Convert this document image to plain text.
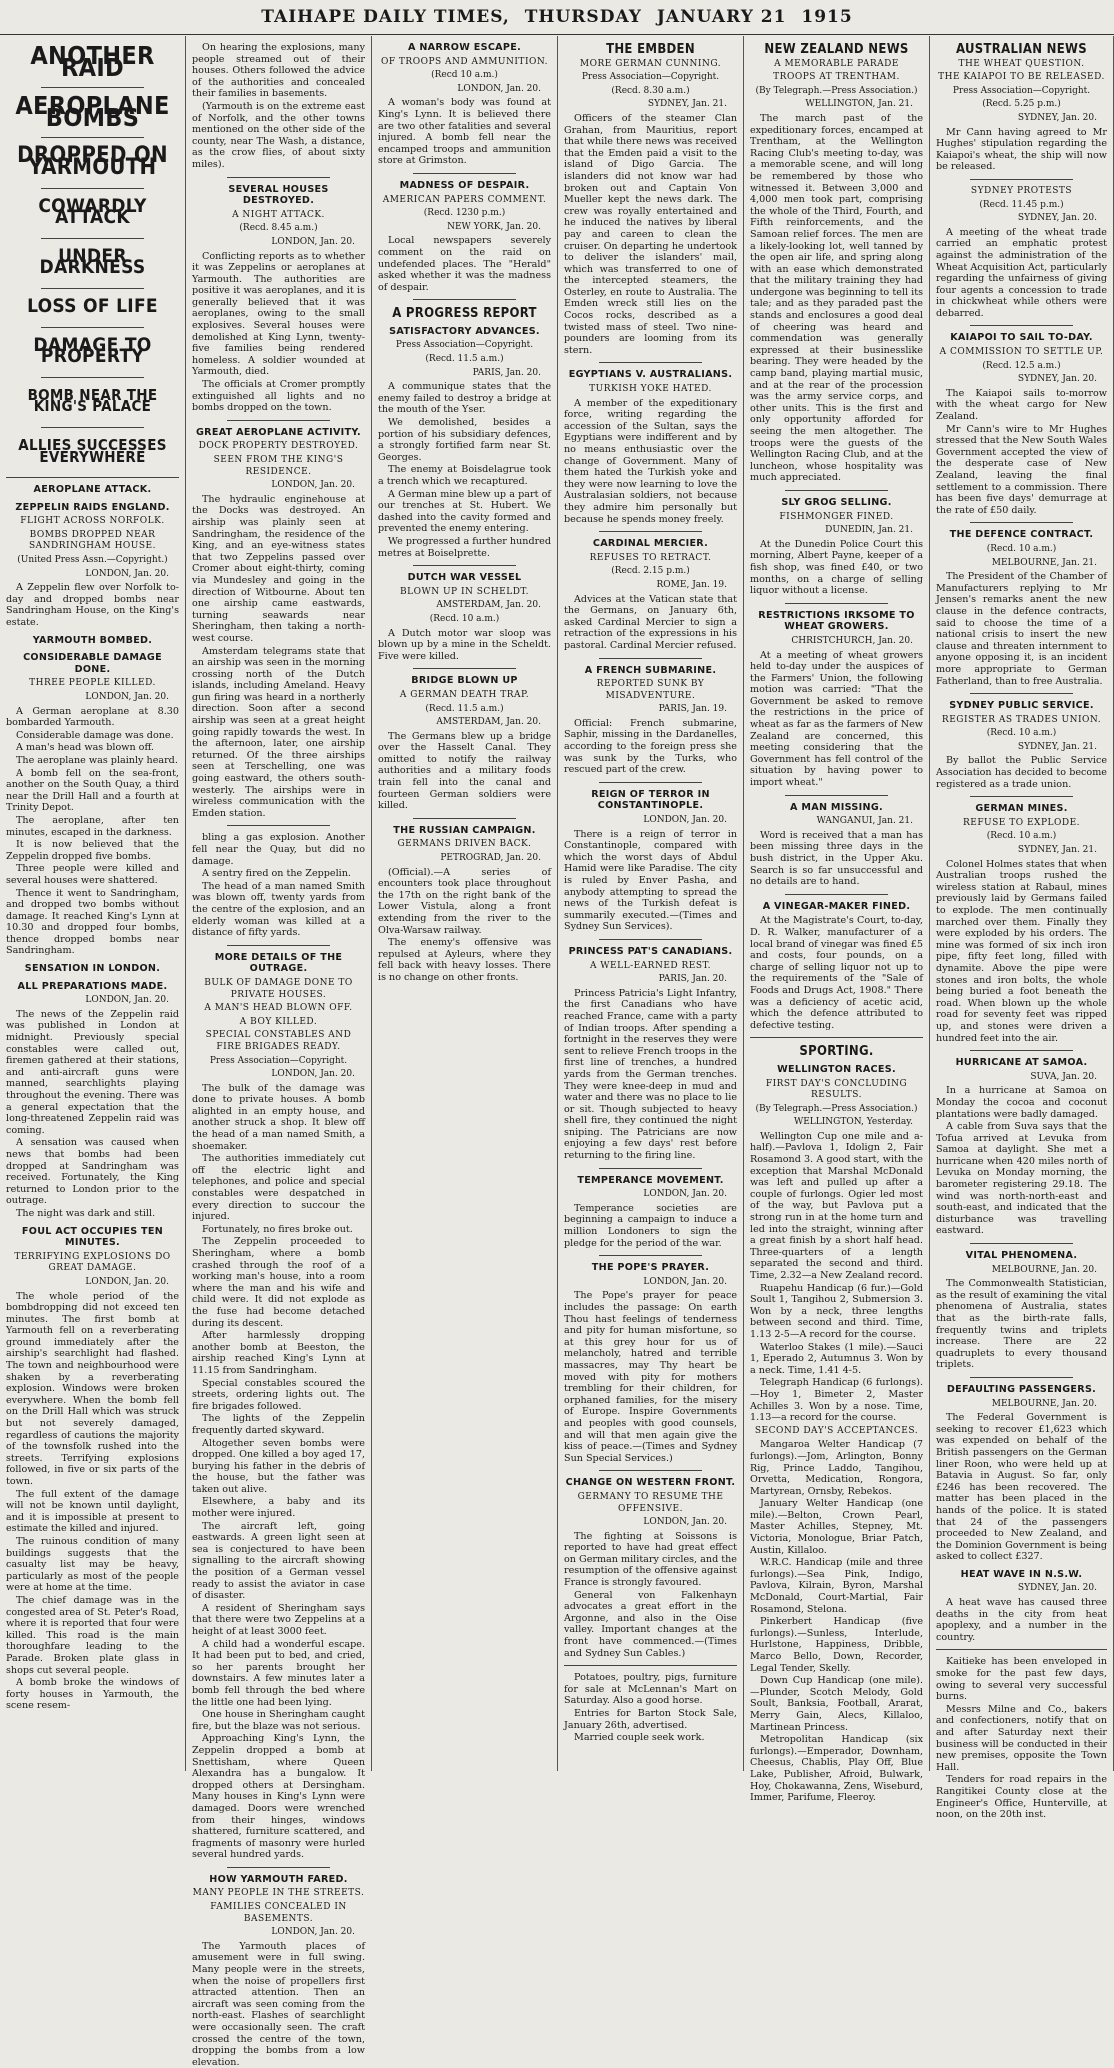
TAIHAPE DAILY TIMES, THURSDAY JANUARY 21 1915
ANOTHER RAID
AEROPLANE BOMBS
DROPPED ON YARMOUTH
COWARDLY ATTACK
UNDER DARKNESS
LOSS OF LIFE
DAMAGE TO PROPERTY
BOMB NEAR THE KING'S PALACE
ALLIES SUCCESSES EVERYWHERE
AEROPLANE ATTACK.
ZEPPELIN RAIDS ENGLAND.
FLIGHT ACROSS NORFOLK.
BOMBS DROPPED NEAR SANDRINGHAM HOUSE.
(United Press Assn.—Copyright.)
LONDON, Jan. 20.
A Zeppelin flew over Norfolk to-day and dropped bombs near Sandringham House, on the King's estate.
YARMOUTH BOMBED.
CONSIDERABLE DAMAGE DONE.
THREE PEOPLE KILLED.
LONDON, Jan. 20.
A German aeroplane at 8.30 bombarded Yarmouth.
Considerable damage was done.
A man's head was blown off.
The aeroplane was plainly heard.
A bomb fell on the sea-front, another on the South Quay, a third near the Drill Hall and a fourth at Trinity Depot.
The aeroplane, after ten minutes, escaped in the darkness.
It is now believed that the Zeppelin dropped five bombs.
Three people were killed and several houses were shattered.
Thence it went to Sandringham, and dropped two bombs without damage. It reached King's Lynn at 10.30 and dropped four bombs, thence dropped bombs near Sandringham.
SENSATION IN LONDON.
ALL PREPARATIONS MADE.
LONDON, Jan. 20.
The news of the Zeppelin raid was published in London at midnight. Previously special constables were called out, firemen gathered at their stations, and anti-aircraft guns were manned, searchlights playing throughout the evening. There was a general expectation that the long-threatened Zeppelin raid was coming.
A sensation was caused when news that bombs had been dropped at Sandringham was received. Fortunately, the King returned to London prior to the outrage.
The night was dark and still.
FOUL ACT OCCUPIES TEN MINUTES.
TERRIFYING EXPLOSIONS DO GREAT DAMAGE.
LONDON, Jan. 20.
The whole period of the bombdropping did not exceed ten minutes. The first bomb at Yarmouth fell on a reverberating ground immediately after the airship's searchlight had flashed. The town and neighbourhood were shaken by a reverberating explosion. Windows were broken everywhere. When the bomb fell on the Drill Hall which was struck but not severely damaged, regardless of cautions the majority of the townsfolk rushed into the streets. Terrifying explosions followed, in five or six parts of the town.
The full extent of the damage will not be known until daylight, and it is impossible at present to estimate the killed and injured.
The ruinous condition of many buildings suggests that the casualty list may be heavy, particularly as most of the people were at home at the time.
The chief damage was in the congested area of St. Peter's Road, where it is reported that four were killed. This road is the main thoroughfare leading to the Parade. Broken plate glass in shops cut several people.
A bomb broke the windows of forty houses in Yarmouth, the scene resem-
On hearing the explosions, many people streamed out of their houses. Others followed the advice of the authorities and concealed their families in basements.
(Yarmouth is on the extreme east of Norfolk, and the other towns mentioned on the other side of the county, near The Wash, a distance, as the crow flies, of about sixty miles).
SEVERAL HOUSES DESTROYED.
A NIGHT ATTACK.
(Recd. 8.45 a.m.)
LONDON, Jan. 20.
Conflicting reports as to whether it was Zeppelins or aeroplanes at Yarmouth. The authorities are positive it was aeroplanes, and it is generally believed that it was aeroplanes, owing to the small explosives. Several houses were demolished at King Lynn, twenty-five families being rendered homeless. A soldier wounded at Yarmouth, died.
The officials at Cromer promptly extinguished all lights and no bombs dropped on the town.
GREAT AEROPLANE ACTIVITY.
DOCK PROPERTY DESTROYED.
SEEN FROM THE KING'S RESIDENCE.
LONDON, Jan. 20.
The hydraulic enginehouse at the Docks was destroyed. An airship was plainly seen at Sandringham, the residence of the King, and an eye-witness states that two Zeppelins passed over Cromer about eight-thirty, coming via Mundesley and going in the direction of Witbourne. About ten one airship came eastwards, turning seawards near Sheringham, then taking a north-west course.
Amsterdam telegrams state that an airship was seen in the morning crossing north of the Dutch islands, including Ameland. Heavy gun firing was heard in a northerly direction. Soon after a second airship was seen at a great height going rapidly towards the west. In the afternoon, later, one airship returned. Of the three airships seen at Terschelling, one was going eastward, the others south-westerly. The airships were in wireless communication with the Emden station.
bling a gas explosion. Another fell near the Quay, but did no damage.
A sentry fired on the Zeppelin.
The head of a man named Smith was blown off, twenty yards from the centre of the explosion, and an elderly woman was killed at a distance of fifty yards.
MORE DETAILS OF THE OUTRAGE.
BULK OF DAMAGE DONE TO PRIVATE HOUSES.
A MAN'S HEAD BLOWN OFF.
A BOY KILLED.
SPECIAL CONSTABLES AND FIRE BRIGADES READY.
Press Association—Copyright.
LONDON, Jan. 20.
The bulk of the damage was done to private houses. A bomb alighted in an empty house, and another struck a shop. It blew off the head of a man named Smith, a shoemaker.
The authorities immediately cut off the electric light and telephones, and police and special constables were despatched in every direction to succour the injured.
Fortunately, no fires broke out.
The Zeppelin proceeded to Sheringham, where a bomb crashed through the roof of a working man's house, into a room where the man and his wife and child were. It did not explode as the fuse had become detached during its descent.
After harmlessly dropping another bomb at Beeston, the airship reached King's Lynn at 11.15 from Sandringham.
Special constables scoured the streets, ordering lights out. The fire brigades followed.
The lights of the Zeppelin frequently darted skyward.
Altogether seven bombs were dropped. One killed a boy aged 17, burying his father in the debris of the house, but the father was taken out alive.
Elsewhere, a baby and its mother were injured.
The aircraft left, going eastwards. A green light seen at sea is conjectured to have been signalling to the aircraft showing the position of a German vessel ready to assist the aviator in case of disaster.
A resident of Sheringham says that there were two Zeppelins at a height of at least 3000 feet.
A child had a wonderful escape. It had been put to bed, and cried, so her parents brought her downstairs. A few minutes later a bomb fell through the bed where the little one had been lying.
One house in Sheringham caught fire, but the blaze was not serious.
Approaching King's Lynn, the Zeppelin dropped a bomb at Snettisham, where Queen Alexandra has a bungalow. It dropped others at Dersingham. Many houses in King's Lynn were damaged. Doors were wrenched from their hinges, windows shattered, furniture scattered, and fragments of masonry were hurled several hundred yards.
HOW YARMOUTH FARED.
MANY PEOPLE IN THE STREETS.
FAMILIES CONCEALED IN BASEMENTS.
LONDON, Jan. 20.
The Yarmouth places of amusement were in full swing. Many people were in the streets, when the noise of propellers first attracted attention. Then an aircraft was seen coming from the north-east. Flashes of searchlight were occasionally seen. The craft crossed the centre of the town, dropping the bombs from a low elevation.
A NARROW ESCAPE.
OF TROOPS AND AMMUNITION.
(Recd 10 a.m.)
LONDON, Jan. 20.
A woman's body was found at King's Lynn. It is believed there are two other fatalities and several injured. A bomb fell near the encamped troops and ammunition store at Grimston.
MADNESS OF DESPAIR.
AMERICAN PAPERS COMMENT.
(Recd. 1230 p.m.)
NEW YORK, Jan. 20.
Local newspapers severely comment on the raid on undefended places. The "Herald" asked whether it was the madness of despair.
A PROGRESS REPORT
SATISFACTORY ADVANCES.
Press Association—Copyright.
(Recd. 11.5 a.m.)
PARIS, Jan. 20.
A communique states that the enemy failed to destroy a bridge at the mouth of the Yser.
We demolished, besides a portion of his subsidiary defences, a strongly fortified farm near St. Georges.
The enemy at Boisdelagrue took a trench which we recaptured.
A German mine blew up a part of our trenches at St. Hubert. We dashed into the cavity formed and prevented the enemy entering.
We progressed a further hundred metres at Boiselprette.
DUTCH WAR VESSEL
BLOWN UP IN SCHELDT.
AMSTERDAM, Jan. 20.
(Recd. 10 a.m.)
A Dutch motor war sloop was blown up by a mine in the Scheldt. Five were killed.
BRIDGE BLOWN UP
A GERMAN DEATH TRAP.
(Recd. 11.5 a.m.)
AMSTERDAM, Jan. 20.
The Germans blew up a bridge over the Hasselt Canal. They omitted to notify the railway authorities and a military foods train fell into the canal and fourteen German soldiers were killed.
THE RUSSIAN CAMPAIGN.
GERMANS DRIVEN BACK.
PETROGRAD, Jan. 20.
(Official).—A series of encounters took place throughout the 17th on the right bank of the Lower Vistula, along a front extending from the river to the Olva-Warsaw railway.
The enemy's offensive was repulsed at Ayleurs, where they fell back with heavy losses. There is no change on other fronts.
THE EMBDEN
MORE GERMAN CUNNING.
Press Association—Copyright.
(Recd. 8.30 a.m.)
SYDNEY, Jan. 21.
Officers of the steamer Clan Grahan, from Mauritius, report that while there news was received that the Emden paid a visit to the island of Digo Garcia. The islanders did not know war had broken out and Captain Von Mueller kept the news dark. The crew was royally entertained and he induced the natives by liberal pay and careen to clean the cruiser. On departing he undertook to deliver the islanders' mail, which was transferred to one of the intercepted steamers, the Osterley, en route to Australia. The Emden wreck still lies on the Cocos rocks, described as a twisted mass of steel. Two nine-pounders are looming from its stern.
EGYPTIANS V. AUSTRALIANS.
TURKISH YOKE HATED.
A member of the expeditionary force, writing regarding the accession of the Sultan, says the Egyptians were indifferent and by no means enthusiastic over the change of Government. Many of them hated the Turkish yoke and they were now learning to love the Australasian soldiers, not because they admire him personally but because he spends money freely.
CARDINAL MERCIER.
REFUSES TO RETRACT.
(Recd. 2.15 p.m.)
ROME, Jan. 19.
Advices at the Vatican state that the Germans, on January 6th, asked Cardinal Mercier to sign a retraction of the expressions in his pastoral. Cardinal Mercier refused.
A FRENCH SUBMARINE.
REPORTED SUNK BY MISADVENTURE.
PARIS, Jan. 19.
Official: French submarine, Saphir, missing in the Dardanelles, according to the foreign press she was sunk by the Turks, who rescued part of the crew.
REIGN OF TERROR IN CONSTANTINOPLE.
LONDON, Jan. 20.
There is a reign of terror in Constantinople, compared with which the worst days of Abdul Hamid were like Paradise. The city is ruled by Enver Pasha, and anybody attempting to spread the news of the Turkish defeat is summarily executed.—(Times and Sydney Sun Services).
PRINCESS PAT'S CANADIANS.
A WELL-EARNED REST.
PARIS, Jan. 20.
Princess Patricia's Light Infantry, the first Canadians who have reached France, came with a party of Indian troops. After spending a fortnight in the reserves they were sent to relieve French troops in the first line of trenches, a hundred yards from the German trenches. They were knee-deep in mud and water and there was no place to lie or sit. Though subjected to heavy shell fire, they continued the night sniping. The Patricians are now enjoying a few days' rest before returning to the firing line.
TEMPERANCE MOVEMENT.
LONDON, Jan. 20.
Temperance societies are beginning a campaign to induce a million Londoners to sign the pledge for the period of the war.
THE POPE'S PRAYER.
LONDON, Jan. 20.
The Pope's prayer for peace includes the passage: On earth Thou hast feelings of tenderness and pity for human misfortune, so at this grey hour for us of melancholy, hatred and terrible massacres, may Thy heart be moved with pity for mothers trembling for their children, for orphaned families, for the misery of Europe. Inspire Governments and peoples with good counsels, and will that men again give the kiss of peace.—(Times and Sydney Sun Special Services.)
CHANGE ON WESTERN FRONT.
GERMANY TO RESUME THE OFFENSIVE.
LONDON, Jan. 20.
The fighting at Soissons is reported to have had great effect on German military circles, and the resumption of the offensive against France is strongly favoured.
General von Falkenhayn advocates a great effort in the Argonne, and also in the Oise valley. Important changes at the front have commenced.—(Times and Sydney Sun Cables.)
Potatoes, poultry, pigs, furniture for sale at McLennan's Mart on Saturday. Also a good horse.
Entries for Barton Stock Sale, January 26th, advertised.
Married couple seek work.
NEW ZEALAND NEWS
A MEMORABLE PARADE
TROOPS AT TRENTHAM.
(By Telegraph.—Press Association.)
WELLINGTON, Jan. 21.
The march past of the expeditionary forces, encamped at Trentham, at the Wellington Racing Club's meeting to-day, was a memorable scene, and will long be remembered by those who witnessed it. Between 3,000 and 4,000 men took part, comprising the whole of the Third, Fourth, and Fifth reinforcements, and the Samoan relief forces. The men are a likely-looking lot, well tanned by the open air life, and spring along with an ease which demonstrated that the military training they had undergone was beginning to tell its tale; and as they paraded past the stands and enclosures a good deal of cheering was heard and commendation was generally expressed at their businesslike bearing. They were headed by the camp band, playing martial music, and at the rear of the procession was the army service corps, and other units. This is the first and only opportunity afforded for seeing the men altogether. The troops were the guests of the Wellington Racing Club, and at the luncheon, whose hospitality was much appreciated.
SLY GROG SELLING.
FISHMONGER FINED.
DUNEDIN, Jan. 21.
At the Dunedin Police Court this morning, Albert Payne, keeper of a fish shop, was fined £40, or two months, on a charge of selling liquor without a license.
RESTRICTIONS IRKSOME TO WHEAT GROWERS.
CHRISTCHURCH, Jan. 20.
At a meeting of wheat growers held to-day under the auspices of the Farmers' Union, the following motion was carried: "That the Government be asked to remove the restrictions in the price of wheat as far as the farmers of New Zealand are concerned, this meeting considering that the Government has fell control of the situation by having power to import wheat."
A MAN MISSING.
WANGANUI, Jan. 21.
Word is received that a man has been missing three days in the bush district, in the Upper Aku. Search is so far unsuccessful and no details are to hand.
A VINEGAR-MAKER FINED.
At the Magistrate's Court, to-day, D. R. Walker, manufacturer of a local brand of vinegar was fined £5 and costs, four pounds, on a charge of selling liquor not up to the requirements of the "Sale of Foods and Drugs Act, 1908." There was a deficiency of acetic acid, which the defence attributed to defective testing.
SPORTING.
WELLINGTON RACES.
FIRST DAY'S CONCLUDING RESULTS.
(By Telegraph.—Press Association.)
WELLINGTON, Yesterday.
Wellington Cup one mile and a-half).—Pavlova 1, Idolign 2, Fair Rosamond 3. A good start, with the exception that Marshal McDonald was left and pulled up after a couple of furlongs. Ogier led most of the way, but Pavlova put a strong run in at the home turn and led into the straight, winning after a great finish by a short half head. Three-quarters of a length separated the second and third. Time, 2.32—a New Zealand record.
Ruapehu Handicap (6 fur.)—Gold Soult 1, Tangihou 2, Submersion 3. Won by a neck, three lengths between second and third. Time, 1.13 2-5—A record for the course.
Waterloo Stakes (1 mile).—Sauci 1, Eperado 2, Autumnus 3. Won by a neck. Time, 1.41 4-5.
Telegraph Handicap (6 furlongs).—Hoy 1, Bimeter 2, Master Achilles 3. Won by a nose. Time, 1.13—a record for the course.
SECOND DAY'S ACCEPTANCES.
Mangaroa Welter Handicap (7 furlongs).—Jom, Arlington, Bonny Rig, Prince Laddo, Tangihou, Orvetta, Medication, Rongora, Martyrean, Ornsby, Rebekos.
January Welter Handicap (one mile).—Belton, Crown Pearl, Master Achilles, Stepney, Mt. Victoria, Monologue, Briar Patch, Austin, Killaloo.
W.R.C. Handicap (mile and three furlongs).—Sea Pink, Indigo, Pavlova, Kilrain, Byron, Marshal McDonald, Court-Martial, Fair Rosamond, Stelona.
Pinkerbert Handicap (five furlongs).—Sunless, Interlude, Hurlstone, Happiness, Dribble, Marco Bello, Down, Recorder, Legal Tender, Skelly.
Down Cup Handicap (one mile).—Plunder, Scotch Melody, Gold Soult, Banksia, Football, Ararat, Merry Gain, Alecs, Killaloo, Martinean Princess.
Metropolitan Handicap (six furlongs).—Emperador, Downham, Cheesus, Chablis, Play Off, Blue Lake, Publisher, Afroid, Bulwark, Hoy, Chokawanna, Zens, Wiseburd, Immer, Parifume, Fleeroy.
AUSTRALIAN NEWS
THE WHEAT QUESTION.
THE KAIAPOI TO BE RELEASED.
Press Association—Copyright.
(Recd. 5.25 p.m.)
SYDNEY, Jan. 20.
Mr Cann having agreed to Mr Hughes' stipulation regarding the Kaiapoi's wheat, the ship will now be released.
SYDNEY PROTESTS
(Recd. 11.45 p.m.)
SYDNEY, Jan. 20.
A meeting of the wheat trade carried an emphatic protest against the administration of the Wheat Acquisition Act, particularly regarding the unfairness of giving four agents a concession to trade in chickwheat while others were debarred.
KAIAPOI TO SAIL TO-DAY.
A COMMISSION TO SETTLE UP.
(Recd. 12.5 a.m.)
SYDNEY, Jan. 20.
The Kaiapoi sails to-morrow with the wheat cargo for New Zealand.
Mr Cann's wire to Mr Hughes stressed that the New South Wales Government accepted the view of the desperate case of New Zealand, leaving the final settlement to a commission. There has been five days' demurrage at the rate of £50 daily.
THE DEFENCE CONTRACT.
(Recd. 10 a.m.)
MELBOURNE, Jan. 21.
The President of the Chamber of Manufacturers replying to Mr Jensen's remarks anent the new clause in the defence contracts, said to choose the time of a national crisis to insert the new clause and threaten internment to anyone opposing it, is an incident more appropriate to German Fatherland, than to free Australia.
SYDNEY PUBLIC SERVICE.
REGISTER AS TRADES UNION.
(Recd. 10 a.m.)
SYDNEY, Jan. 21.
By ballot the Public Service Association has decided to become registered as a trade union.
GERMAN MINES.
REFUSE TO EXPLODE.
(Recd. 10 a.m.)
SYDNEY, Jan. 21.
Colonel Holmes states that when Australian troops rushed the wireless station at Rabaul, mines previously laid by Germans failed to explode. The men continually marched over them. Finally they were exploded by his orders. The mine was formed of six inch iron pipe, fifty feet long, filled with dynamite. Above the pipe were stones and iron bolts, the whole being buried a foot beneath the road. When blown up the whole road for seventy feet was ripped up, and stones were driven a hundred feet into the air.
HURRICANE AT SAMOA.
SUVA, Jan. 20.
In a hurricane at Samoa on Monday the cocoa and coconut plantations were badly damaged.
A cable from Suva says that the Tofua arrived at Levuka from Samoa at daylight. She met a hurricane when 420 miles north of Levuka on Monday morning, the barometer registering 29.18. The wind was north-north-east and south-east, and indicated that the disturbance was travelling eastward.
VITAL PHENOMENA.
MELBOURNE, Jan. 20.
The Commonwealth Statistician, as the result of examining the vital phenomena of Australia, states that as the birth-rate falls, frequently twins and triplets increase. There are 22 quadruplets to every thousand triplets.
DEFAULTING PASSENGERS.
MELBOURNE, Jan. 20.
The Federal Government is seeking to recover £1,623 which was expended on behalf of the British passengers on the German liner Roon, who were held up at Batavia in August. So far, only £246 has been recovered. The matter has been placed in the hands of the police. It is stated that 24 of the passengers proceeded to New Zealand, and the Dominion Government is being asked to collect £327.
HEAT WAVE IN N.S.W.
SYDNEY, Jan. 20.
A heat wave has caused three deaths in the city from heat apoplexy, and a number in the country.
Kaitieke has been enveloped in smoke for the past few days, owing to several very successful burns.
Messrs Milne and Co., bakers and confectioners, notify that on and after Saturday next their business will be conducted in their new premises, opposite the Town Hall.
Tenders for road repairs in the Rangitikei County close at the Engineer's Office, Hunterville, at noon, on the 20th inst.
